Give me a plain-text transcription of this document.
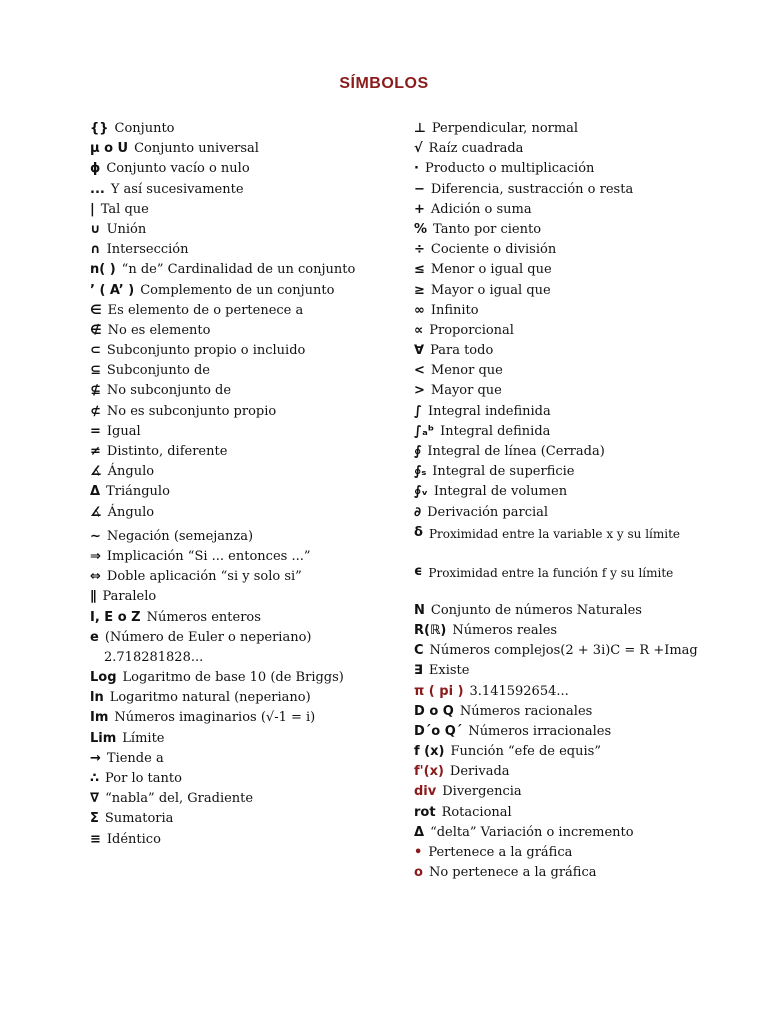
SÍMBOLOS
{} Conjunto
μ o U Conjunto universal
ϕ Conjunto vacío o nulo
... Y así sucesivamente
| Tal que
∪ Unión
∩ Intersección
n( ) “n de” Cardinalidad de un conjunto
’ ( A’ ) Complemento de un conjunto
∈ Es elemento de o pertenece a
∉ No es elemento
⊂ Subconjunto propio o incluido
⊆ Subconjunto de
⊈ No subconjunto de
⊄ No es subconjunto propio
= Igual
≠ Distinto, diferente
∡ Ángulo
Δ Triángulo
∡ Ángulo
∼ Negación (semejanza)
⇒ Implicación “Si ... entonces ...”
⇔ Doble aplicación “si y solo si”
∥ Paralelo
I, E o Z Números enteros
e (Número de Euler o neperiano)
2.718281828...
Log Logaritmo de base 10 (de Briggs)
ln Logaritmo natural (neperiano)
Im Números imaginarios (√-1 = i)
Lim Límite
→ Tiende a
∴ Por lo tanto
∇ “nabla” del, Gradiente
Σ Sumatoria
≡ Idéntico
⊥ Perpendicular, normal
√ Raíz cuadrada
· Producto o multiplicación
− Diferencia, sustracción o resta
+ Adición o suma
% Tanto por ciento
÷ Cociente o división
≤ Menor o igual que
≥ Mayor o igual que
∞ Infinito
∝ Proporcional
∀ Para todo
< Menor que
> Mayor que
∫ Integral indefinida
∫ₐᵇ Integral definida
∮ Integral de línea (Cerrada)
∮ₛ Integral de superficie
∮ᵥ Integral de volumen
∂ Derivación parcial
δ Proximidad entre la variable x y su límite
ϵ Proximidad entre la función f y su límite
N Conjunto de números Naturales
R(ℝ) Números reales
C Números complejos(2 + 3i)C = R +Imag
∃ Existe
π ( pi ) 3.141592654...
D o Q Números racionales
D´o Q´ Números irracionales
f (x) Función “efe de equis”
f'(x) Derivada
div Divergencia
rot Rotacional
Δ “delta” Variación o incremento
• Pertenece a la gráfica
o No pertenece a la gráfica
